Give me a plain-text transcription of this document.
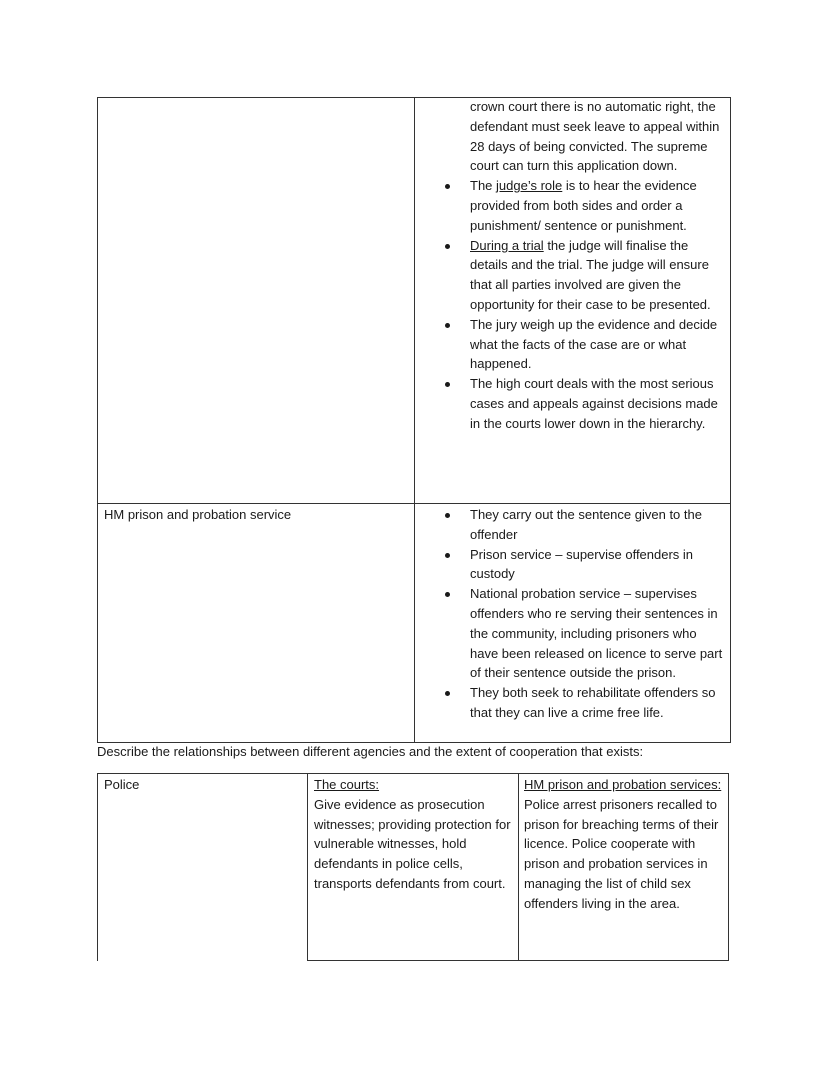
crown court there is no automatic right, the defendant must seek leave to appeal within 28 days of being convicted. The supreme court can turn this application down.
The judge’s role is to hear the evidence provided from both sides and order a punishment/ sentence or punishment.
During a trial the judge will finalise the details and the trial. The judge will ensure that all parties involved are given the opportunity for their case to be presented.
The jury weigh up the evidence and decide what the facts of the case are or what happened.
The high court deals with the most serious cases and appeals against decisions made in the courts lower down in the hierarchy.
HM prison and probation service	They carry out the sentence given to the offender
Prison service – supervise offenders in custody
National probation service – supervises offenders who re serving their sentences in the community, including prisoners who have been released on licence to serve part of their sentence outside the prison.
They both seek to rehabilitate offenders so that they can live a crime free life.
Describe the relationships between different agencies and the extent of cooperation that exists:
Police	The courts:
Give evidence as prosecution witnesses; providing protection for vulnerable witnesses, hold defendants in police cells, transports defendants from court.
HM prison and probation services:
Police arrest prisoners recalled to prison for breaching terms of their licence. Police cooperate with prison and probation services in managing the list of child sex offenders living in the area.
